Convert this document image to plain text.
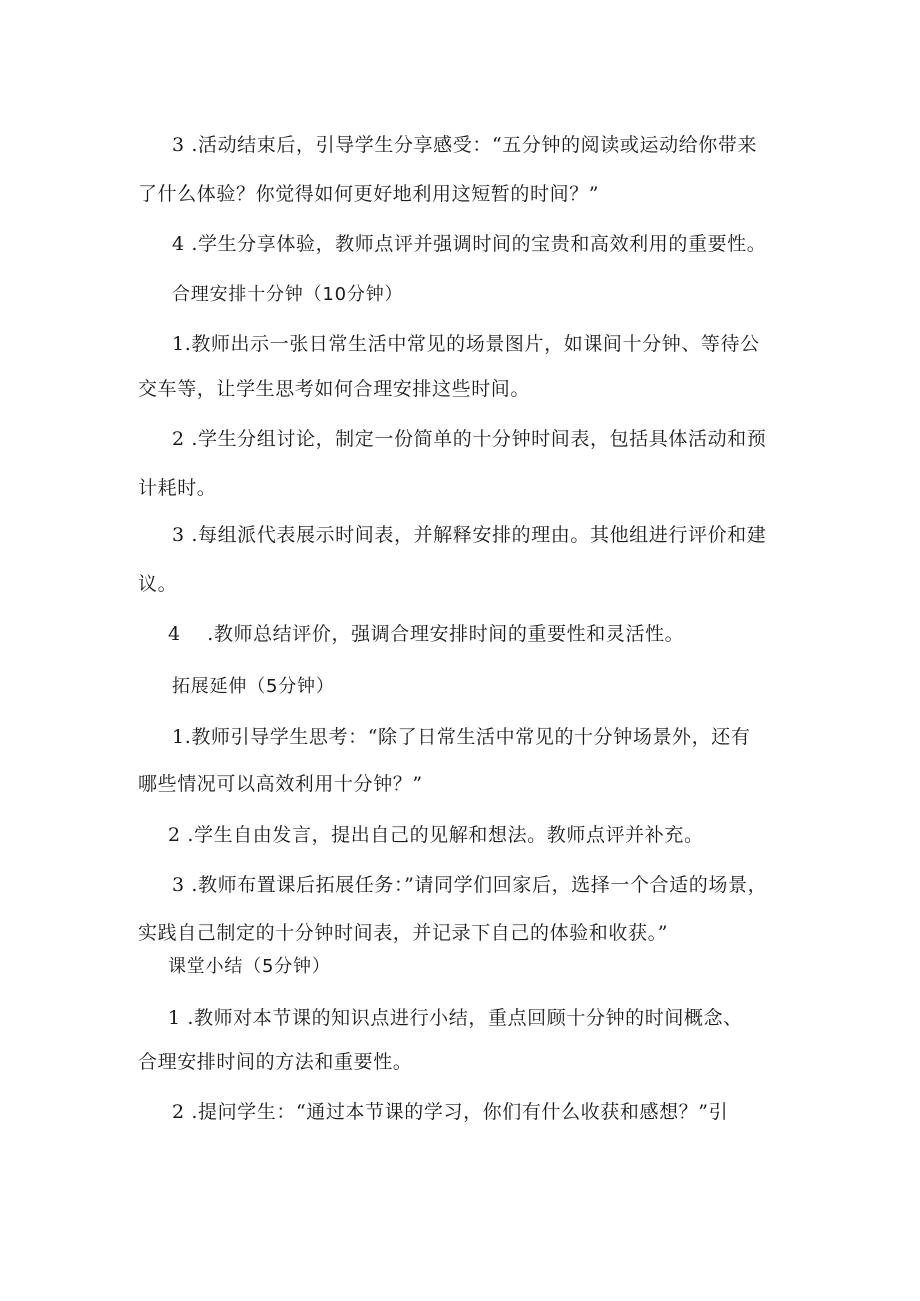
3 .活动结束后，引导学生分享感受：“五分钟的阅读或运动给你带来
了什么体验？你觉得如何更好地利用这短暂的时间？”
4 .学生分享体验，教师点评并强调时间的宝贵和高效利用的重要性。
合理安排十分钟（10分钟）
1.教师出示一张日常生活中常见的场景图片，如课间十分钟、等待公
交车等，让学生思考如何合理安排这些时间。
2 .学生分组讨论，制定一份简单的十分钟时间表，包括具体活动和预
计耗时。
3 .每组派代表展示时间表，并解释安排的理由。其他组进行评价和建
议。
4    .教师总结评价，强调合理安排时间的重要性和灵活性。
拓展延伸（5分钟）
1.教师引导学生思考：“除了日常生活中常见的十分钟场景外，还有
哪些情况可以高效利用十分钟？”
2 .学生自由发言，提出自己的见解和想法。教师点评并补充。
3 .教师布置课后拓展任务：”请同学们回家后，选择一个合适的场景，
实践自己制定的十分钟时间表，并记录下自己的体验和收获。”
课堂小结（5分钟）
1 .教师对本节课的知识点进行小结，重点回顾十分钟的时间概念、
合理安排时间的方法和重要性。
2 .提问学生：“通过本节课的学习，你们有什么收获和感想？”引
